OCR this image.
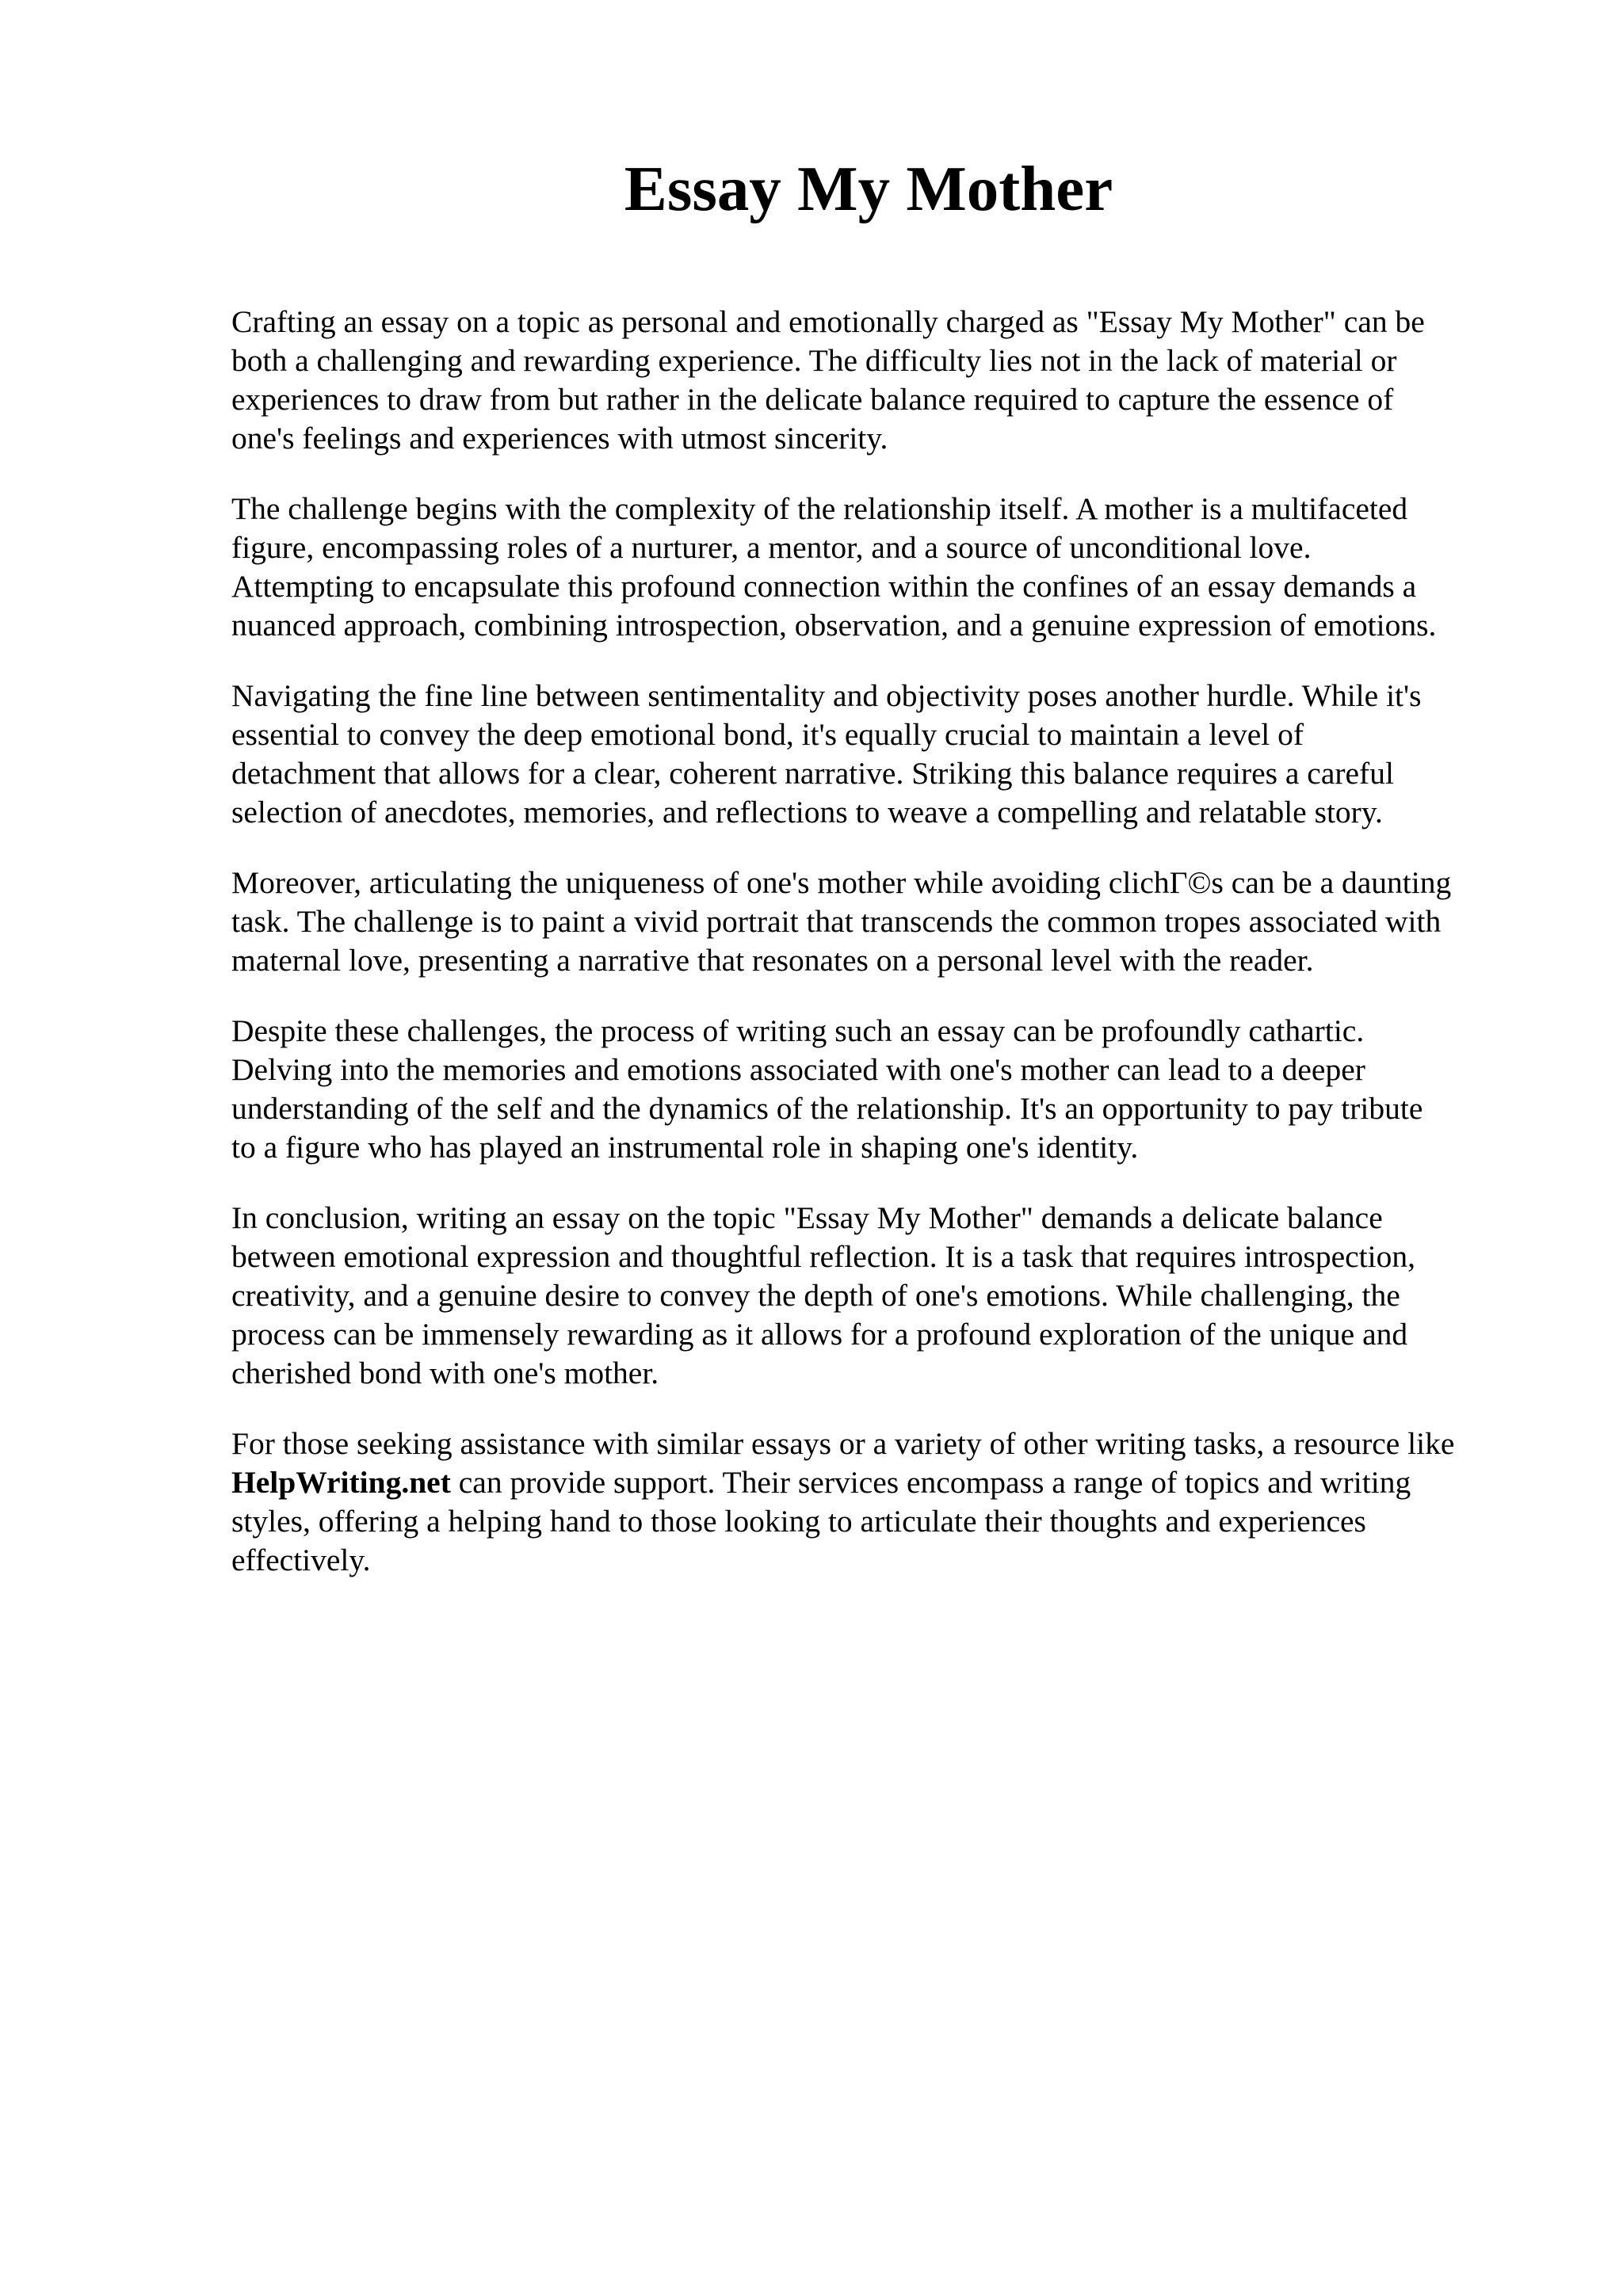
Essay My Mother

Crafting an essay on a topic as personal and emotionally charged as "Essay My Mother" can be
both a challenging and rewarding experience. The difficulty lies not in the lack of material or
experiences to draw from but rather in the delicate balance required to capture the essence of
one's feelings and experiences with utmost sincerity.

The challenge begins with the complexity of the relationship itself. A mother is a multifaceted
figure, encompassing roles of a nurturer, a mentor, and a source of unconditional love.
Attempting to encapsulate this profound connection within the confines of an essay demands a
nuanced approach, combining introspection, observation, and a genuine expression of emotions.

Navigating the fine line between sentimentality and objectivity poses another hurdle. While it's
essential to convey the deep emotional bond, it's equally crucial to maintain a level of
detachment that allows for a clear, coherent narrative. Striking this balance requires a careful
selection of anecdotes, memories, and reflections to weave a compelling and relatable story.

Moreover, articulating the uniqueness of one's mother while avoiding clichΓ©s can be a daunting
task. The challenge is to paint a vivid portrait that transcends the common tropes associated with
maternal love, presenting a narrative that resonates on a personal level with the reader.

Despite these challenges, the process of writing such an essay can be profoundly cathartic.
Delving into the memories and emotions associated with one's mother can lead to a deeper
understanding of the self and the dynamics of the relationship. It's an opportunity to pay tribute
to a figure who has played an instrumental role in shaping one's identity.

In conclusion, writing an essay on the topic "Essay My Mother" demands a delicate balance
between emotional expression and thoughtful reflection. It is a task that requires introspection,
creativity, and a genuine desire to convey the depth of one's emotions. While challenging, the
process can be immensely rewarding as it allows for a profound exploration of the unique and
cherished bond with one's mother.

For those seeking assistance with similar essays or a variety of other writing tasks, a resource like
HelpWriting.net can provide support. Their services encompass a range of topics and writing
styles, offering a helping hand to those looking to articulate their thoughts and experiences
effectively.
